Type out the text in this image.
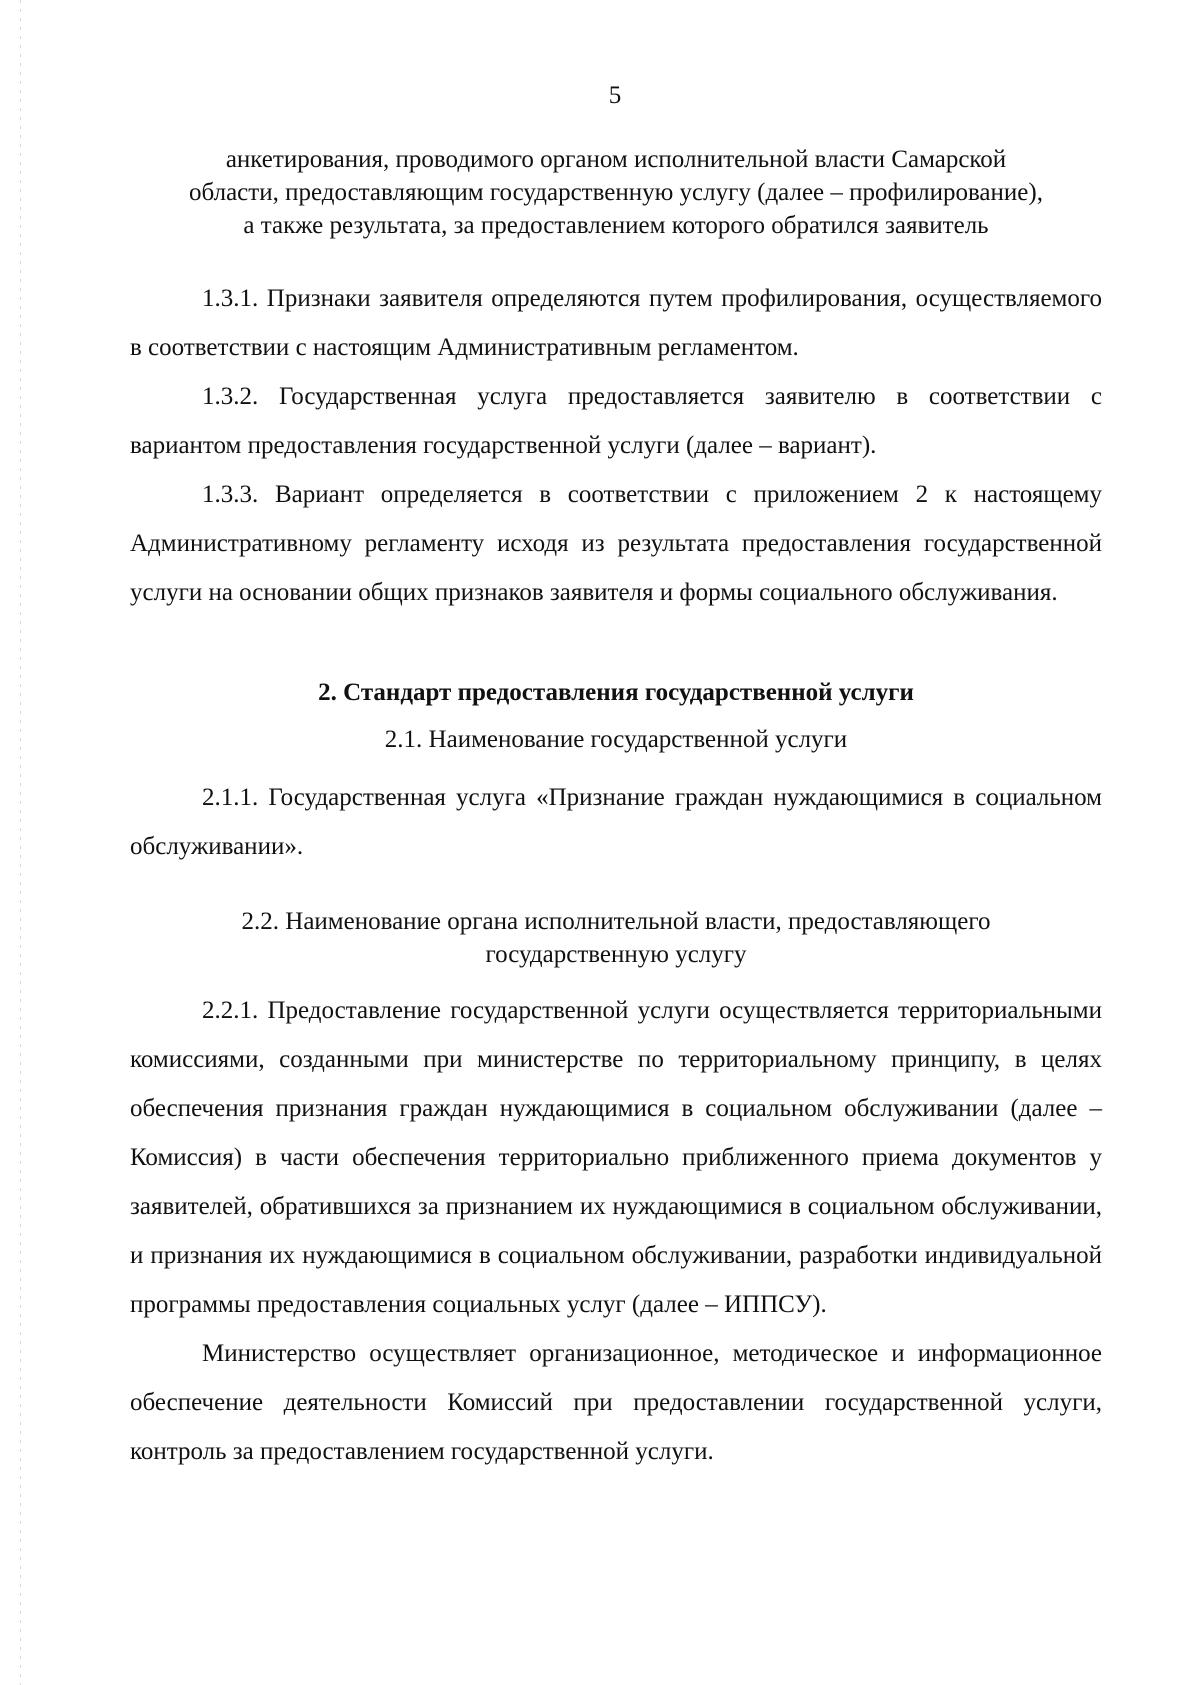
5
анкетирования, проводимого органом исполнительной власти Самарской
области, предоставляющим государственную услугу (далее – профилирование),
а также результата, за предоставлением которого обратился заявитель
1.3.1. Признаки заявителя определяются путем профилирования, осуществляемого в соответствии с настоящим Административным регламентом.
1.3.2. Государственная услуга предоставляется заявителю в соответствии с вариантом предоставления государственной услуги (далее – вариант).
1.3.3. Вариант определяется в соответствии с приложением 2 к настоящему Административному регламенту исходя из результата предоставления государственной услуги на основании общих признаков заявителя и формы социального обслуживания.
2. Стандарт предоставления государственной услуги
2.1. Наименование государственной услуги
2.1.1. Государственная услуга «Признание граждан нуждающимися в социальном обслуживании».
2.2. Наименование органа исполнительной власти, предоставляющего
государственную услугу
2.2.1. Предоставление государственной услуги осуществляется территориальными комиссиями, созданными при министерстве по территориальному принципу, в целях обеспечения признания граждан нуждающимися в социальном обслуживании (далее – Комиссия) в части обеспечения территориально приближенного приема документов у заявителей, обратившихся за признанием их нуждающимися в социальном обслуживании, и признания их нуждающимися в социальном обслуживании, разработки индивидуальной программы предоставления социальных услуг (далее – ИППСУ).
Министерство осуществляет организационное, методическое и информационное обеспечение деятельности Комиссий при предоставлении государственной услуги, контроль за предоставлением государственной услуги.
